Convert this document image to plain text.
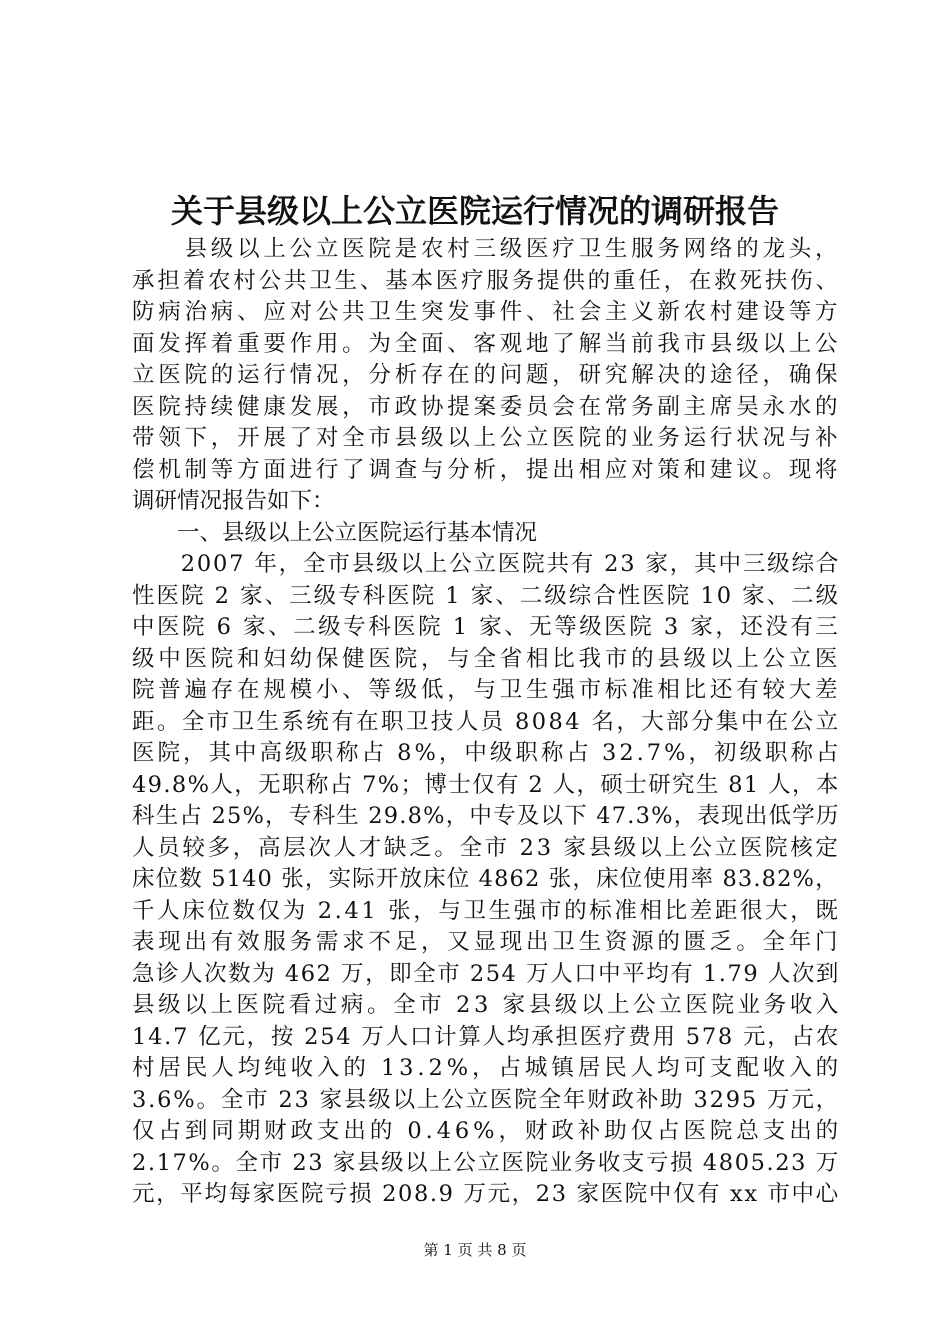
关于县级以上公立医院运行情况的调研报告
　　县级以上公立医院是农村三级医疗卫生服务网络的龙头，
承担着农村公共卫生、基本医疗服务提供的重任，在救死扶伤、
防病治病、应对公共卫生突发事件、社会主义新农村建设等方
面发挥着重要作用。为全面、客观地了解当前我市县级以上公
立医院的运行情况，分析存在的问题，研究解决的途径，确保
医院持续健康发展，市政协提案委员会在常务副主席吴永水的
带领下，开展了对全市县级以上公立医院的业务运行状况与补
偿机制等方面进行了调查与分析，提出相应对策和建议。现将
调研情况报告如下：
　　一、县级以上公立医院运行基本情况
　　2007 年，全市县级以上公立医院共有 23 家，其中三级综合
性医院 2 家、三级专科医院 1 家、二级综合性医院 10 家、二级
中医院 6 家、二级专科医院 1 家、无等级医院 3 家，还没有三
级中医院和妇幼保健医院，与全省相比我市的县级以上公立医
院普遍存在规模小、等级低，与卫生强市标准相比还有较大差
距。全市卫生系统有在职卫技人员 8084 名，大部分集中在公立
医院，其中高级职称占 8%，中级职称占 32.7%，初级职称占
49.8%人，无职称占 7%；博士仅有 2 人，硕士研究生 81 人，本
科生占 25%，专科生 29.8%，中专及以下 47.3%，表现出低学历
人员较多，高层次人才缺乏。全市 23 家县级以上公立医院核定
床位数 5140 张，实际开放床位 4862 张，床位使用率 83.82%，
千人床位数仅为 2.41 张，与卫生强市的标准相比差距很大，既
表现出有效服务需求不足，又显现出卫生资源的匮乏。全年门
急诊人次数为 462 万，即全市 254 万人口中平均有 1.79 人次到
县级以上医院看过病。全市 23 家县级以上公立医院业务收入
14.7 亿元，按 254 万人口计算人均承担医疗费用 578 元，占农
村居民人均纯收入的 13.2%，占城镇居民人均可支配收入的
3.6%。全市 23 家县级以上公立医院全年财政补助 3295 万元，
仅占到同期财政支出的 0.46%，财政补助仅占医院总支出的
2.17%。全市 23 家县级以上公立医院业务收支亏损 4805.23 万
元，平均每家医院亏损 208.9 万元，23 家医院中仅有 xx 市中心
第 1 页 共 8 页
